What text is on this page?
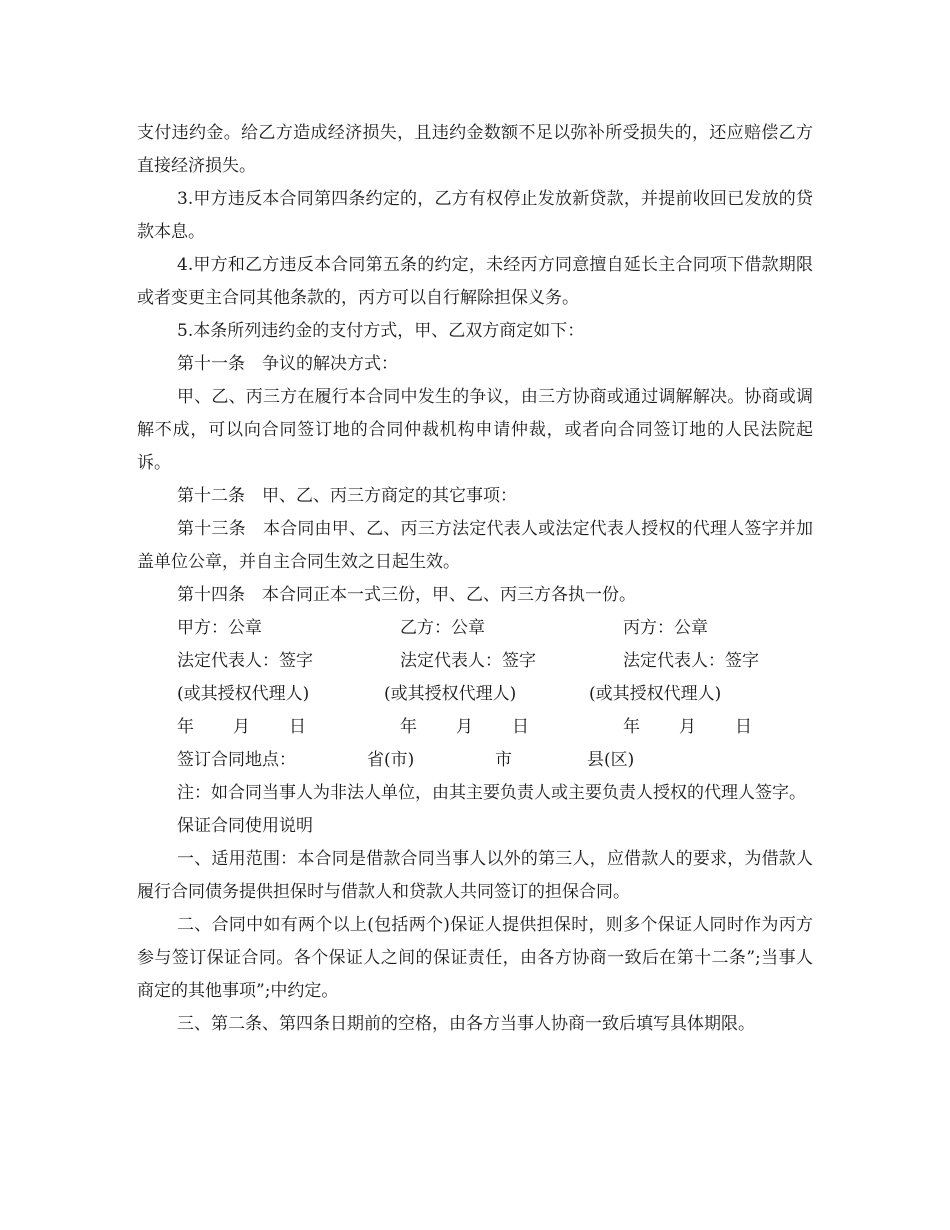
支付违约金。给乙方造成经济损失，且违约金数额不足以弥补所受损失的，还应赔偿乙方直接经济损失。

3.甲方违反本合同第四条约定的，乙方有权停止发放新贷款，并提前收回已发放的贷款本息。

4.甲方和乙方违反本合同第五条的约定，未经丙方同意擅自延长主合同项下借款期限或者变更主合同其他条款的，丙方可以自行解除担保义务。

5.本条所列违约金的支付方式，甲、乙双方商定如下：

第十一条　争议的解决方式：

甲、乙、丙三方在履行本合同中发生的争议，由三方协商或通过调解解决。协商或调解不成，可以向合同签订地的合同仲裁机构申请仲裁，或者向合同签订地的人民法院起诉。

第十二条　甲、乙、丙三方商定的其它事项：

第十三条　本合同由甲、乙、丙三方法定代表人或法定代表人授权的代理人签字并加盖单位公章，并自主合同生效之日起生效。

第十四条　本合同正本一式三份，甲、乙、丙三方各执一份。

甲方：公章	乙方：公章	丙方：公章
法定代表人：签字	法定代表人：签字	法定代表人：签字
(或其授权代理人)	(或其授权代理人)	(或其授权代理人)
年 月 日	年 月 日	年 月 日
签订合同地点：	省(市)	市	县(区)

注：如合同当事人为非法人单位，由其主要负责人或主要负责人授权的代理人签字。

保证合同使用说明

一、适用范围：本合同是借款合同当事人以外的第三人，应借款人的要求，为借款人履行合同债务提供担保时与借款人和贷款人共同签订的担保合同。

二、合同中如有两个以上(包括两个)保证人提供担保时，则多个保证人同时作为丙方参与签订保证合同。各个保证人之间的保证责任，由各方协商一致后在第十二条”;当事人商定的其他事项”;中约定。

三、第二条、第四条日期前的空格，由各方当事人协商一致后填写具体期限。
